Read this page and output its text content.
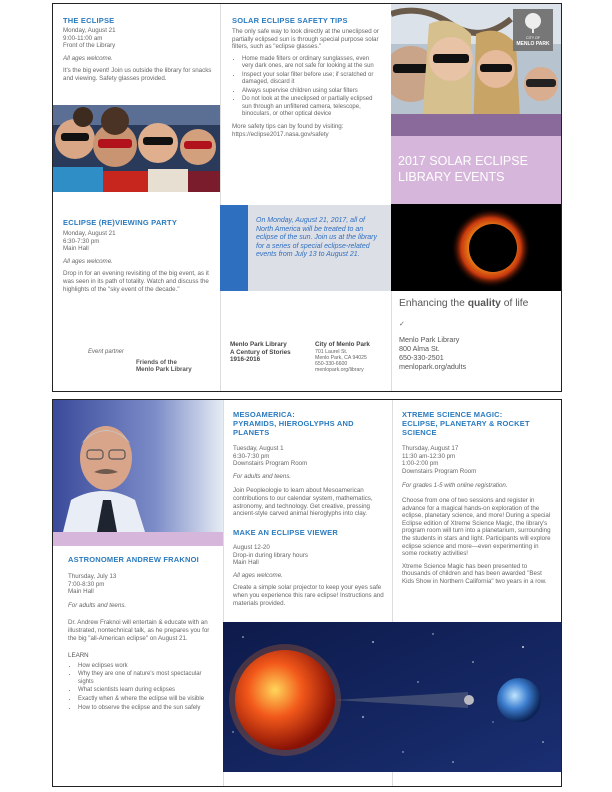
THE ECLIPSE

Monday, August 21

9:00-11:00 am

Front of the Library

All ages welcome.

It's the big event! Join us outside the library for snacks and viewing. Safety glasses provided.

ECLIPSE (RE)VIEWING PARTY

Monday, August 21

6:30-7:30 pm

Main Hall

All ages welcome.

Drop in for an evening revisiting of the big event, as it was seen in its path of totality. Watch and discuss the highlights of the "sky event of the decade."

Event partner

Friends of the

Menlo Park Library

SOLAR ECLIPSE SAFETY TIPS

The only safe way to look directly at the uneclipsed or partially eclipsed sun is through special purpose solar filters, such as "eclipse glasses."

• Home made filters or ordinary sunglasses, even very dark ones, are not safe for looking at the sun
• Inspect your solar filter before use; if scratched or damaged, discard it
• Always supervise children using solar filters
• Do not look at the uneclipsed or partially eclipsed sun through an unfiltered camera, telescope, binoculars, or other optical device

More safety tips can by found by visiting:

https://eclipse2017.nasa.gov/safety

On Monday, August 21, 2017, all of North America will be treated to an eclipse of the sun. Join us at the library for a series of special eclipse-related events from July 13 to August 21.

Menlo Park Library

A Century of Stories

1916-2016

City of Menlo Park

701 Laurel St.

Menlo Park, CA 94025

650-330-6600

menlopark.org/library

CITY OF
MENLO PARK
2017 SOLAR ECLIPSE
LIBRARY EVENTS
Enhancing the quality of life
✓

Menlo Park Library

800 Alma St.

650-330-2501

menlopark.org/adults

ASTRONOMER ANDREW FRAKNOI

Thursday, July 13

7:00-8:30 pm

Main Hall

For adults and teens.

Dr. Andrew Fraknoi will entertain & educate with an illustrated, nontechnical talk, as he prepares you for the big "all-American eclipse" on August 21.

LEARN

• How eclipses work
• Why they are one of nature's most spectacular sights
• What scientists learn during eclipses
• Exactly when & where the eclipse will be visible
• How to observe the eclipse and the sun safely
MESOAMERICA:
PYRAMIDS, HIEROGLYPHS AND PLANETS

Tuesday, August 1

6:30-7:30 pm

Downstairs Program Room

For adults and teens.

Join Peopleologie to learn about Mesoamerican contributions to our calendar system, mathematics, astronomy, and technology. Get creative, pressing ancient-style carved animal hieroglyphs into clay.

MAKE AN ECLIPSE VIEWER

August 12-20

Drop-in during library hours

Main Hall

All ages welcome.

Create a simple solar projector to keep your eyes safe when you experience this rare eclipse! Instructions and materials provided.

XTREME SCIENCE MAGIC:
ECLIPSE, PLANETARY & ROCKET SCIENCE

Thursday, August 17

11:30 am-12:30 pm

1:00-2:00 pm

Downstairs Program Room

For grades 1-5 with online registration.

Choose from one of two sessions and register in advance for a magical hands-on exploration of the eclipse, planetary science, and more! During a special Eclipse edition of Xtreme Science Magic, the library's program room will turn into a planetarium, surrounding the students in stars and light. Participants will explore eclipse science and more—even experimenting in some rocketry activities!

Xtreme Science Magic has been presented to thousands of children and has been awarded "Best Kids Show in Northern California" two years in a row.
